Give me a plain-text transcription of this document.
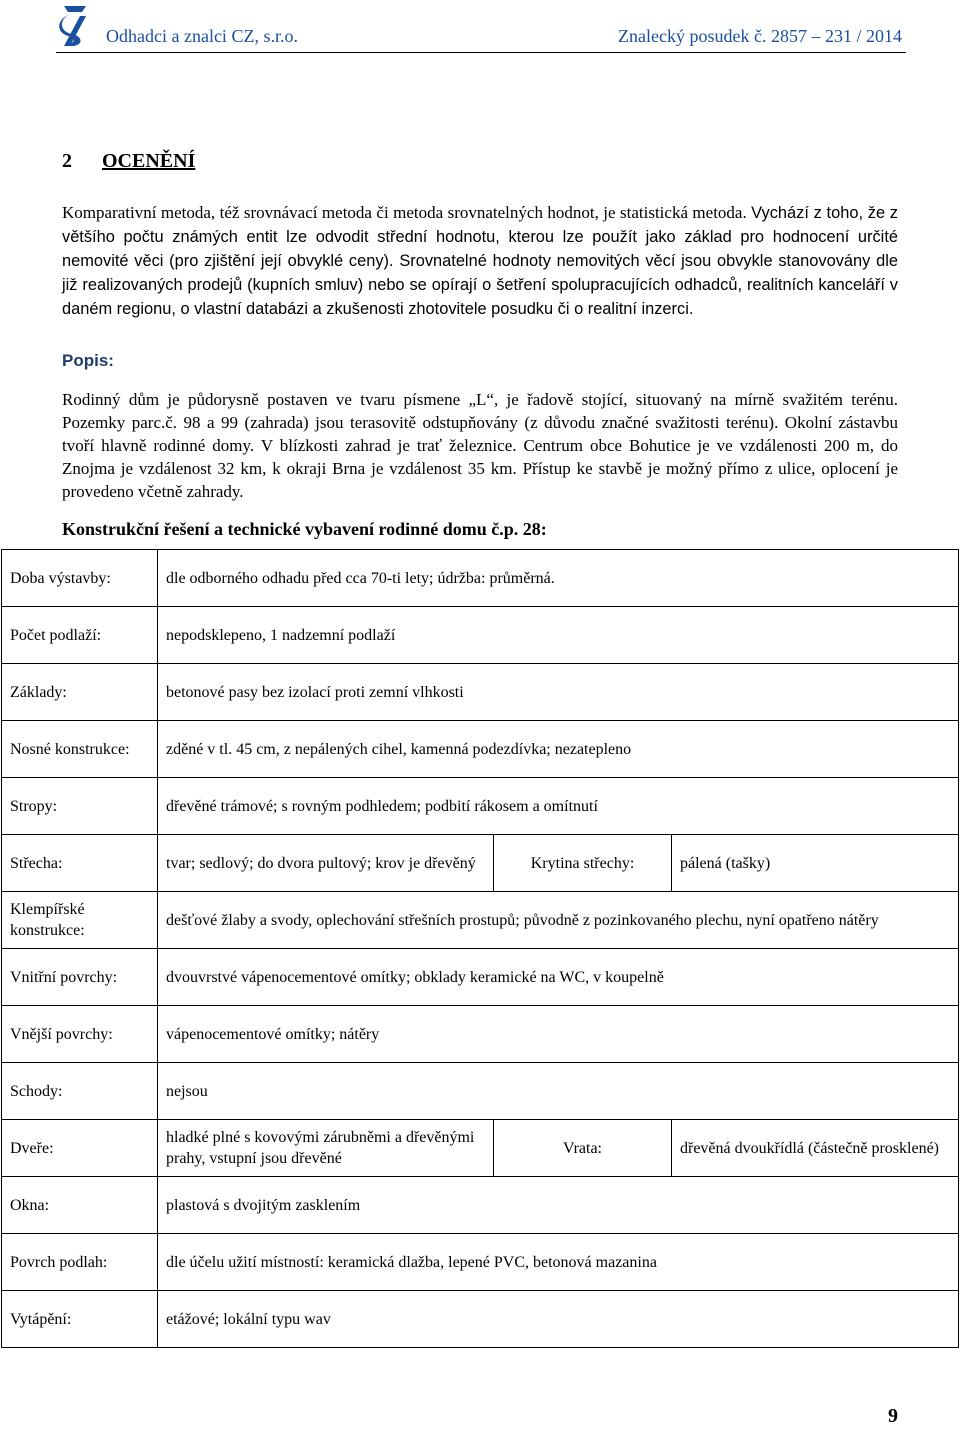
Odhadci a znalci CZ, s.r.o.	Znalecký posudek č. 2857 – 231 / 2014
2 OCENĚNÍ
Komparativní metoda, též srovnávací metoda či metoda srovnatelných hodnot, je statistická metoda. Vychází z toho, že z většího počtu známých entit lze odvodit střední hodnotu, kterou lze použít jako základ pro hodnocení určité nemovité věci (pro zjištění její obvyklé ceny). Srovnatelné hodnoty nemovitých věcí jsou obvykle stanovovány dle již realizovaných prodejů (kupních smluv) nebo se opírají o šetření spolupracujících odhadců, realitních kanceláří v daném regionu, o vlastní databázi a zkušenosti zhotovitele posudku či o realitní inzerci.
Popis:
Rodinný dům je půdorysně postaven ve tvaru písmene „L“, je řadově stojící, situovaný na mírně svažitém terénu. Pozemky parc.č. 98 a 99 (zahrada) jsou terasovitě odstupňovány (z důvodu značné svažitosti terénu). Okolní zástavbu tvoří hlavně rodinné domy. V blízkosti zahrad je trať železnice. Centrum obce Bohutice je ve vzdálenosti 200 m, do Znojma je vzdálenost 32 km, k okraji Brna je vzdálenost 35 km. Přístup ke stavbě je možný přímo z ulice, oplocení je provedeno včetně zahrady.
Konstrukční řešení a technické vybavení rodinné domu č.p. 28:
Doba výstavby:	dle odborného odhadu před cca 70-ti lety; údržba: průměrná.		
Počet podlaží:	nepodsklepeno, 1 nadzemní podlaží		
Základy:	betonové pasy bez izolací proti zemní vlhkosti		
Nosné konstrukce:	zděné v tl. 45 cm, z nepálených cihel, kamenná podezdívka; nezatepleno		
Stropy:	dřevěné trámové; s rovným podhledem; podbití rákosem a omítnutí		
Střecha:	tvar; sedlový; do dvora pultový; krov je dřevěný	Krytina střechy:	pálená (tašky)
Klempířské konstrukce:	dešťové žlaby a svody, oplechování střešních prostupů; původně z pozinkovaného plechu, nyní opatřeno nátěry		
Vnitřní povrchy:	dvouvrstvé vápenocementové omítky; obklady keramické na WC, v koupelně		
Vnější povrchy:	vápenocementové omítky; nátěry		
Schody:	nejsou		
Dveře:	hladké plné s kovovými zárubněmi a dřevěnými prahy, vstupní jsou dřevěné	Vrata:	dřevěná dvoukřídlá (částečně prosklené)
Okna:	plastová s dvojitým zasklením		
Povrch podlah:	dle účelu užití místností: keramická dlažba, lepené PVC, betonová mazanina		
Vytápění:	etážové; lokální typu wav		
9
